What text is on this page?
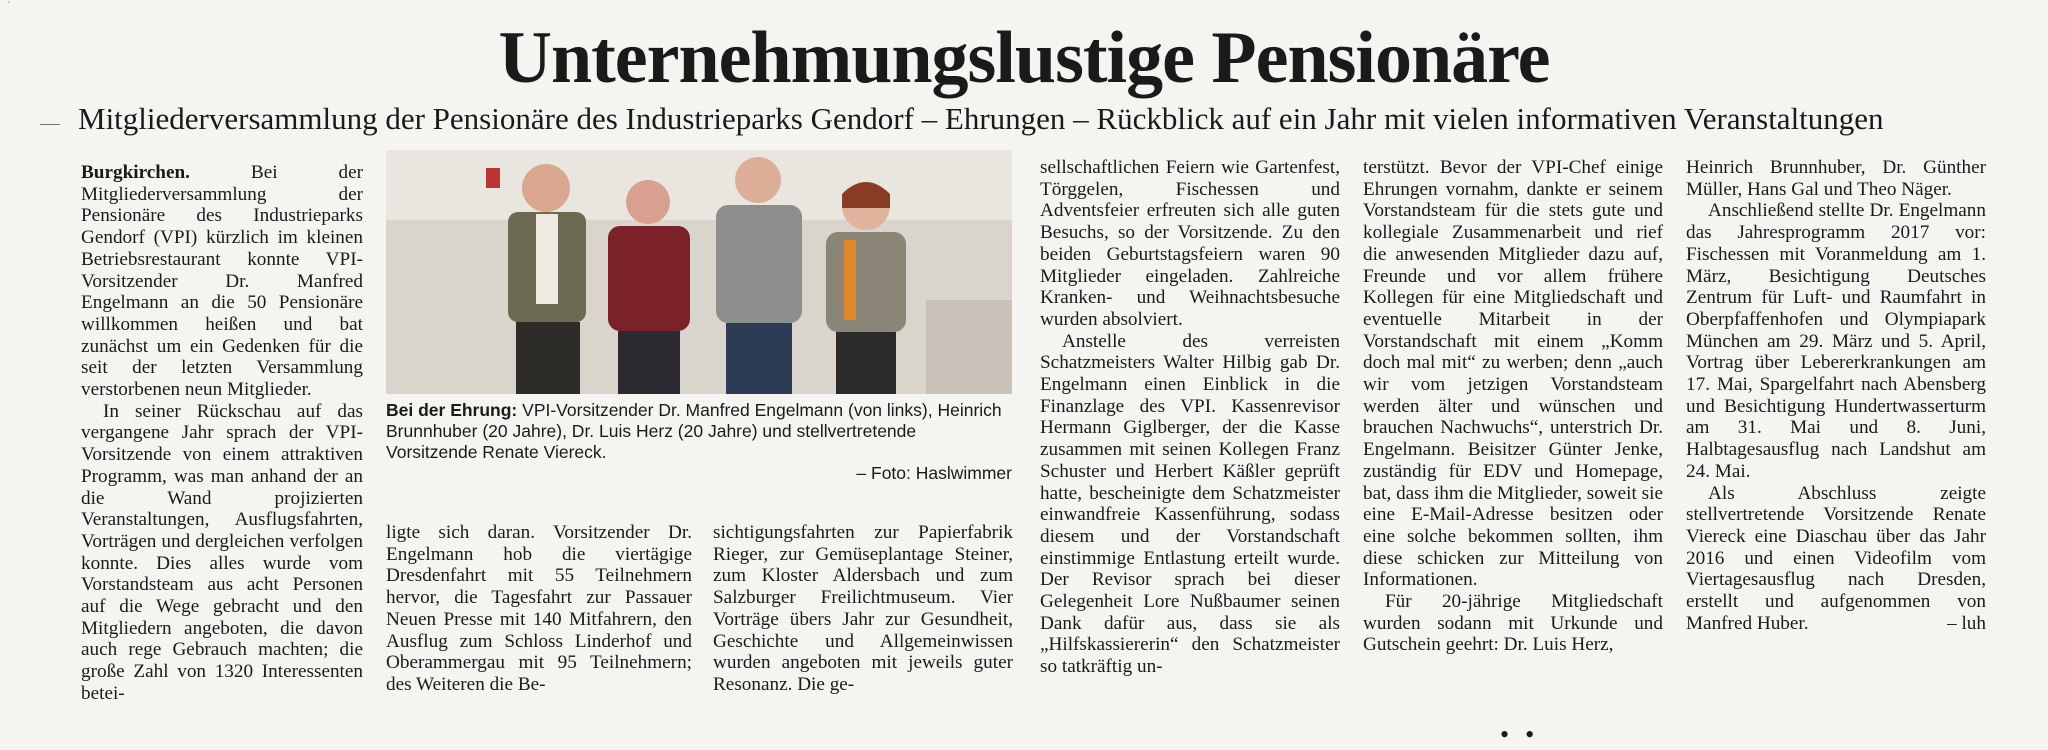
'
Unternehmungslustige Pensionäre
— Mitgliederversammlung der Pensionäre des Industrieparks Gendorf – Ehrungen – Rückblick auf ein Jahr mit vielen informativen Veranstaltungen

Burgkirchen.	Bei der Mitgliederversammlung der Pensionäre des Industrieparks Gendorf (VPI) kürzlich im kleinen Betriebsrestaurant konnte VPI-Vorsitzender Dr. Manfred Engelmann an die 50 Pensionäre willkommen heißen und bat zunächst um ein Gedenken für die seit der letzten Versammlung verstorbenen neun Mitglieder.

In seiner Rückschau auf das vergangene Jahr sprach der VPI-Vorsitzende von einem attraktiven Programm, was man anhand der an die Wand projizierten Veranstaltungen, Ausflugsfahrten, Vorträgen und dergleichen verfolgen konnte. Dies alles wurde vom Vorstandsteam aus acht Personen auf die Wege gebracht und den Mitgliedern angeboten, die davon auch rege Gebrauch machten; die große Zahl von 1320 Interessenten betei-

Bei der Ehrung: VPI-Vorsitzender Dr. Manfred Engelmann (von links), Heinrich Brunnhuber (20 Jahre), Dr. Luis Herz (20 Jahre) und stellvertretende Vorsitzende Renate Viereck.
– Foto: Haslwimmer

ligte sich daran. Vorsitzender Dr. Engelmann hob die viertägige Dresdenfahrt mit 55 Teilnehmern hervor, die Tagesfahrt zur Passauer Neuen Presse mit 140 Mitfahrern, den Ausflug zum Schloss Linderhof und Oberammergau mit 95 Teilnehmern; des Weiteren die Be-

sichtigungsfahrten zur Papierfabrik Rieger, zur Gemüseplantage Steiner, zum Kloster Aldersbach und zum Salzburger Freilichtmuseum. Vier Vorträge übers Jahr zur Gesundheit, Geschichte und Allgemeinwissen wurden angeboten mit jeweils guter Resonanz. Die ge-

sellschaftlichen Feiern wie Gartenfest, Törggelen, Fischessen und Adventsfeier erfreuten sich alle guten Besuchs, so der Vorsitzende. Zu den beiden Geburtstagsfeiern waren 90 Mitglieder eingeladen. Zahlreiche Kranken- und Weihnachtsbesuche wurden absolviert.

Anstelle des verreisten Schatzmeisters Walter Hilbig gab Dr. Engelmann einen Einblick in die Finanzlage des VPI. Kassenrevisor Hermann Giglberger, der die Kasse zusammen mit seinen Kollegen Franz Schuster und Herbert Käßler geprüft hatte, bescheinigte dem Schatzmeister einwandfreie Kassenführung, sodass diesem und der Vorstandschaft einstimmige Entlastung erteilt wurde. Der Revisor sprach bei dieser Gelegenheit Lore Nußbaumer seinen Dank dafür aus, dass sie als „Hilfskassiererin“ den Schatzmeister so tatkräftig un-

terstützt. Bevor der VPI-Chef einige Ehrungen vornahm, dankte er seinem Vorstandsteam für die stets gute und kollegiale Zusammenarbeit und rief die anwesenden Mitglieder dazu auf, Freunde und vor allem frühere Kollegen für eine Mitgliedschaft und eventuelle Mitarbeit in der Vorstandschaft mit einem „Komm doch mal mit“ zu werben; denn „auch wir vom jetzigen Vorstandsteam werden älter und wünschen und brauchen Nachwuchs“, unterstrich Dr. Engelmann. Beisitzer Günter Jenke, zuständig für EDV und Homepage, bat, dass ihm die Mitglieder, soweit sie eine E-Mail-Adresse besitzen oder eine solche bekommen sollten, ihm diese schicken zur Mitteilung von Informationen.

Für 20-jährige Mitgliedschaft wurden sodann mit Urkunde und Gutschein geehrt: Dr. Luis Herz,

Heinrich Brunnhuber, Dr. Günther Müller, Hans Gal und Theo Näger.

Anschließend stellte Dr. Engelmann das Jahresprogramm 2017 vor: Fischessen mit Voranmeldung am 1. März, Besichtigung Deutsches Zentrum für Luft- und Raumfahrt in Oberpfaffenhofen und Olympiapark München am 29. März und 5. April, Vortrag über Lebererkrankungen am 17. Mai, Spargelfahrt nach Abensberg und Besichtigung Hundertwasserturm am 31. Mai und 8. Juni, Halbtagesausflug nach Landshut am 24. Mai.

Als Abschluss zeigte stellvertretende Vorsitzende Renate Viereck eine Diaschau über das Jahr 2016 und einen Videofilm vom Viertagesausflug nach Dresden, erstellt und aufgenommen von Manfred Huber.	– luh

••
